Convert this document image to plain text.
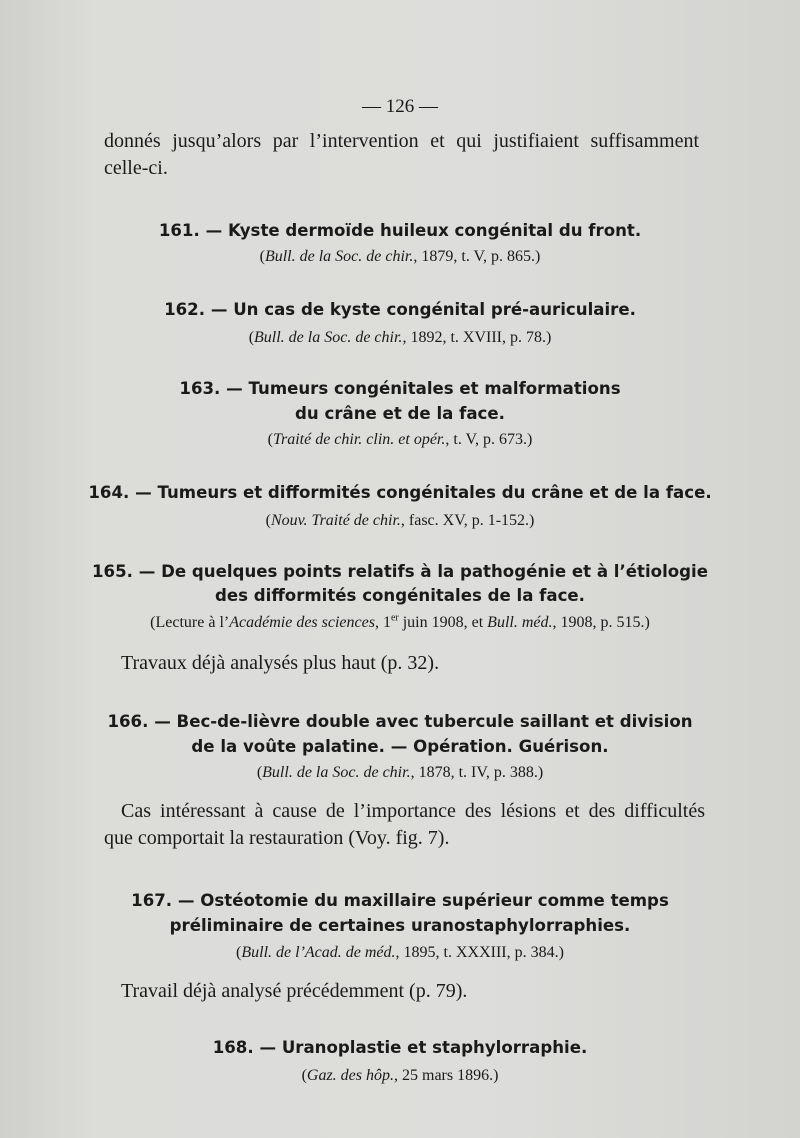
— 126 —
donnés jusqu’alors par l’intervention et qui justifiaient suffisamment
celle-ci.
161. — Kyste dermoïde huileux congénital du front.
(Bull. de la Soc. de chir., 1879, t. V, p. 865.)
162. — Un cas de kyste congénital pré-auriculaire.
(Bull. de la Soc. de chir., 1892, t. XVIII, p. 78.)
163. — Tumeurs congénitales et malformations
du crâne et de la face.
(Traité de chir. clin. et opér., t. V, p. 673.)
164. — Tumeurs et difformités congénitales du crâne et de la face.
(Nouv. Traité de chir., fasc. XV, p. 1-152.)
165. — De quelques points relatifs à la pathogénie et à l’étiologie
des difformités congénitales de la face.
(Lecture à l’Académie des sciences, 1er juin 1908, et Bull. méd., 1908, p. 515.)
Travaux déjà analysés plus haut (p. 32).
166. — Bec-de-lièvre double avec tubercule saillant et division
de la voûte palatine. — Opération. Guérison.
(Bull. de la Soc. de chir., 1878, t. IV, p. 388.)
Cas intéressant à cause de l’importance des lésions et des difficultés
que comportait la restauration (Voy. fig. 7).
167. — Ostéotomie du maxillaire supérieur comme temps
préliminaire de certaines uranostaphylorraphies.
(Bull. de l’Acad. de méd., 1895, t. XXXIII, p. 384.)
Travail déjà analysé précédemment (p. 79).
168. — Uranoplastie et staphylorraphie.
(Gaz. des hôp., 25 mars 1896.)
